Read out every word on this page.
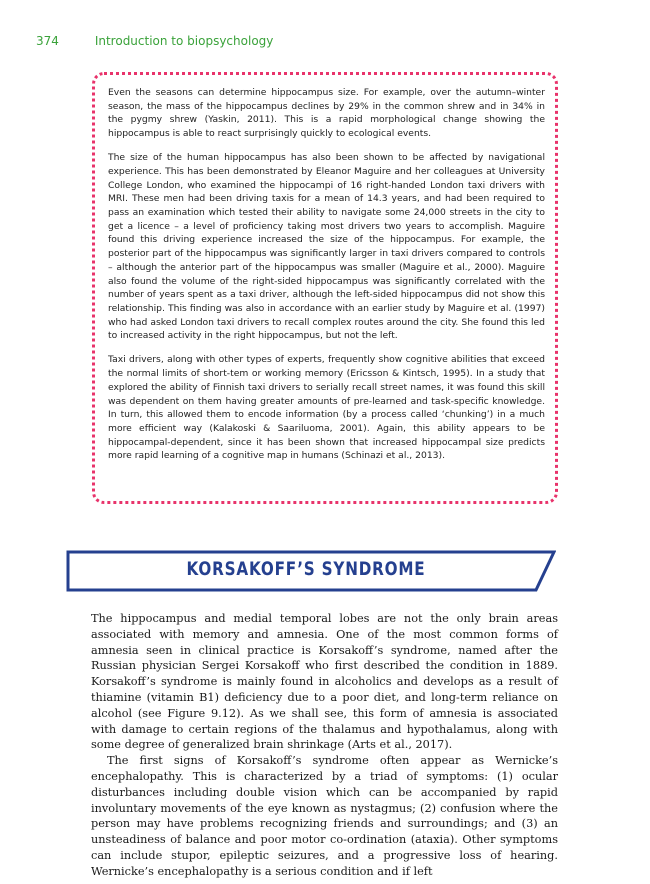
374	Introduction to biopsychology

Even the seasons can determine hippocampus size. For example, over the autumn–winter season, the mass of the hippocampus declines by 29% in the common shrew and in 34% in the pygmy shrew (Yaskin, 2011). This is a rapid morphological change showing the hippocampus is able to react surprisingly quickly to ecological events.

The size of the human hippocampus has also been shown to be affected by navigational experience. This has been demonstrated by Eleanor Maguire and her colleagues at University College London, who examined the hippocampi of 16 right-handed London taxi drivers with MRI. These men had been driving taxis for a mean of 14.3 years, and had been required to pass an examination which tested their ability to navigate some 24,000 streets in the city to get a licence – a level of proficiency taking most drivers two years to accomplish. Maguire found this driving experience increased the size of the hippocampus. For example, the posterior part of the hippocampus was significantly larger in taxi drivers compared to controls – although the anterior part of the hippocampus was smaller (Maguire et al., 2000). Maguire also found the volume of the right-sided hippocampus was significantly correlated with the number of years spent as a taxi driver, although the left-sided hippocampus did not show this relationship. This finding was also in accordance with an earlier study by Maguire et al. (1997) who had asked London taxi drivers to recall complex routes around the city. She found this led to increased activity in the right hippocampus, but not the left.

Taxi drivers, along with other types of experts, frequently show cognitive abilities that exceed the normal limits of short-tem or working memory (Ericsson & Kintsch, 1995). In a study that explored the ability of Finnish taxi drivers to serially recall street names, it was found this skill was dependent on them having greater amounts of pre-learned and task-specific knowledge. In turn, this allowed them to encode information (by a process called ‘chunking’) in a much more efficient way (Kalakoski & Saariluoma, 2001). Again, this ability appears to be hippocampal-dependent, since it has been shown that increased hippocampal size predicts more rapid learning of a cognitive map in humans (Schinazi et al., 2013).

KORSAKOFF’S SYNDROME

The hippocampus and medial temporal lobes are not the only brain areas associated with memory and amnesia. One of the most common forms of amnesia seen in clinical practice is Korsakoff’s syndrome, named after the Russian physician Sergei Korsakoff who first described the condition in 1889. Korsakoff’s syndrome is mainly found in alcoholics and develops as a result of thiamine (vitamin B1) deficiency due to a poor diet, and long-term reliance on alcohol (see Figure 9.12). As we shall see, this form of amnesia is associated with damage to certain regions of the thalamus and hypothalamus, along with some degree of generalized brain shrinkage (Arts et al., 2017).

The first signs of Korsakoff’s syndrome often appear as Wernicke’s encephalopathy. This is characterized by a triad of symptoms: (1) ocular disturbances including double vision which can be accompanied by rapid involuntary movements of the eye known as nystagmus; (2) confusion where the person may have problems recognizing friends and surroundings; and (3) an unsteadiness of balance and poor motor co-ordination (ataxia). Other symptoms can include stupor, epileptic seizures, and a progressive loss of hearing. Wernicke’s encephalopathy is a serious condition and if left
